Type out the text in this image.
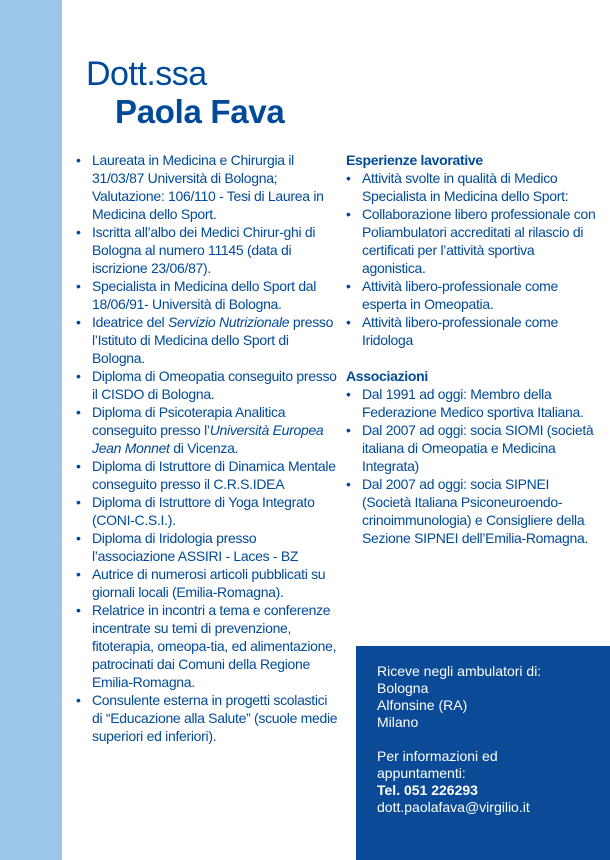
Dott.ssa
Paola Fava
• Laureata in Medicina e Chirurgia il 31/03/87 Università di Bologna; Valutazione: 106/110 - Tesi di Laurea in Medicina dello Sport.
• Iscritta all’albo dei Medici Chirur-ghi di Bologna al numero 11145 (data di iscrizione 23/06/87).
• Specialista in Medicina dello Sport dal 18/06/91- Università di Bologna.
• Ideatrice del Servizio Nutrizionale presso l’Istituto di Medicina dello Sport di Bologna.
• Diploma di Omeopatia conseguito presso il CISDO di Bologna.
• Diploma di Psicoterapia Analitica conseguito presso l’Università Europea Jean Monnet di Vicenza.
• Diploma di Istruttore di Dinamica Mentale conseguito presso il C.R.S.IDEA
• Diploma di Istruttore di Yoga Integrato (CONI-C.S.I.).
• Diploma di Iridologia presso l’associazione ASSIRI - Laces - BZ
• Autrice di numerosi articoli pubblicati su giornali locali (Emilia-Romagna).
• Relatrice in incontri a tema e conferenze incentrate su temi di prevenzione, fitoterapia, omeopa-tia, ed alimentazione, patrocinati dai Comuni della Regione Emilia-Romagna.
• Consulente esterna in progetti scolastici di “Educazione alla Salute” (scuole medie superiori ed inferiori).
Esperienze lavorative
• Attività svolte in qualità di Medico Specialista in Medicina dello Sport:
• Collaborazione libero professionale con Poliambulatori accreditati al rilascio di certificati per l’attività sportiva agonistica.
• Attività libero-professionale come esperta in Omeopatia.
• Attività libero-professionale come Iridologa
Associazioni
• Dal 1991 ad oggi: Membro della Federazione Medico sportiva Italiana.
• Dal 2007 ad oggi: socia SIOMI (società italiana di Omeopatia e Medicina Integrata)
• Dal 2007 ad oggi: socia SIPNEI (Società Italiana Psiconeuroendo-crinoimmunologia) e Consigliere della Sezione SIPNEI dell’Emilia-Romagna.
Riceve negli ambulatori di:
Bologna
Alfonsine (RA)
Milano
Per informazioni ed appuntamenti:
Tel. 051 226293
dott.paolafava@virgilio.it
